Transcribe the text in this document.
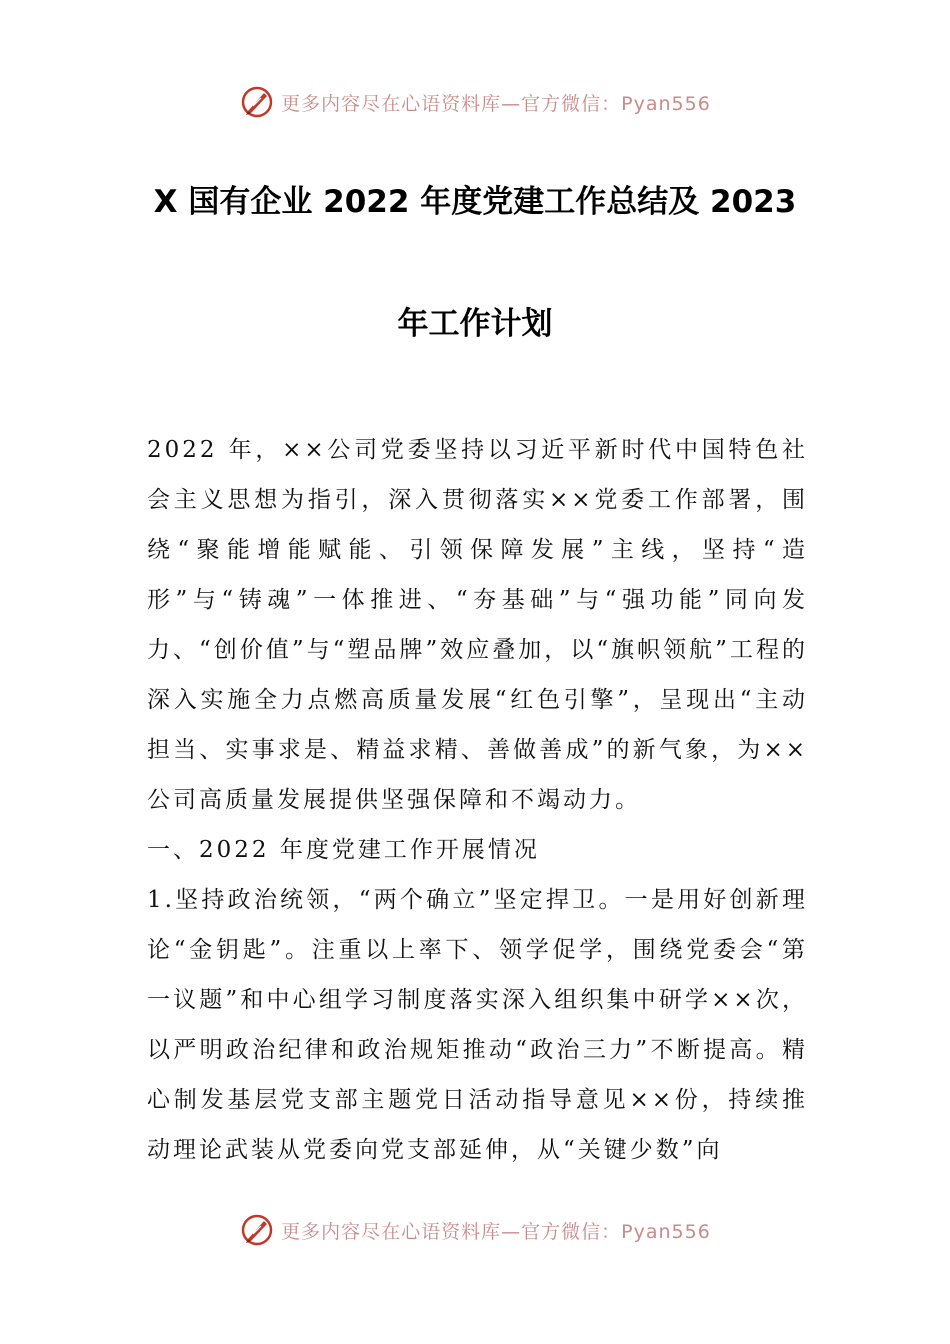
更多内容尽在心语资料库—官方微信：Pyan556
X 国有企业 2022 年度党建工作总结及 2023
年工作计划

2022 年，××公司党委坚持以习近平新时代中国特色社会主义思想为指引，深入贯彻落实××党委工作部署，围绕“聚能增能赋能、引领保障发展”主线，坚持“造形”与“铸魂”一体推进、“夯基础”与“强功能”同向发力、“创价值”与“塑品牌”效应叠加，以“旗帜领航”工程的深入实施全力点燃高质量发展“红色引擎”，呈现出“主动担当、实事求是、精益求精、善做善成”的新气象，为××公司高质量发展提供坚强保障和不竭动力。

一、2022 年度党建工作开展情况

1.坚持政治统领，“两个确立”坚定捍卫。一是用好创新理论“金钥匙”。注重以上率下、领学促学，围绕党委会“第一议题”和中心组学习制度落实深入组织集中研学××次，以严明政治纪律和政治规矩推动“政治三力”不断提高。精心制发基层党支部主题党日活动指导意见××份，持续推动理论武装从党委向党支部延伸，从“关键少数”向

更多内容尽在心语资料库—官方微信：Pyan556
